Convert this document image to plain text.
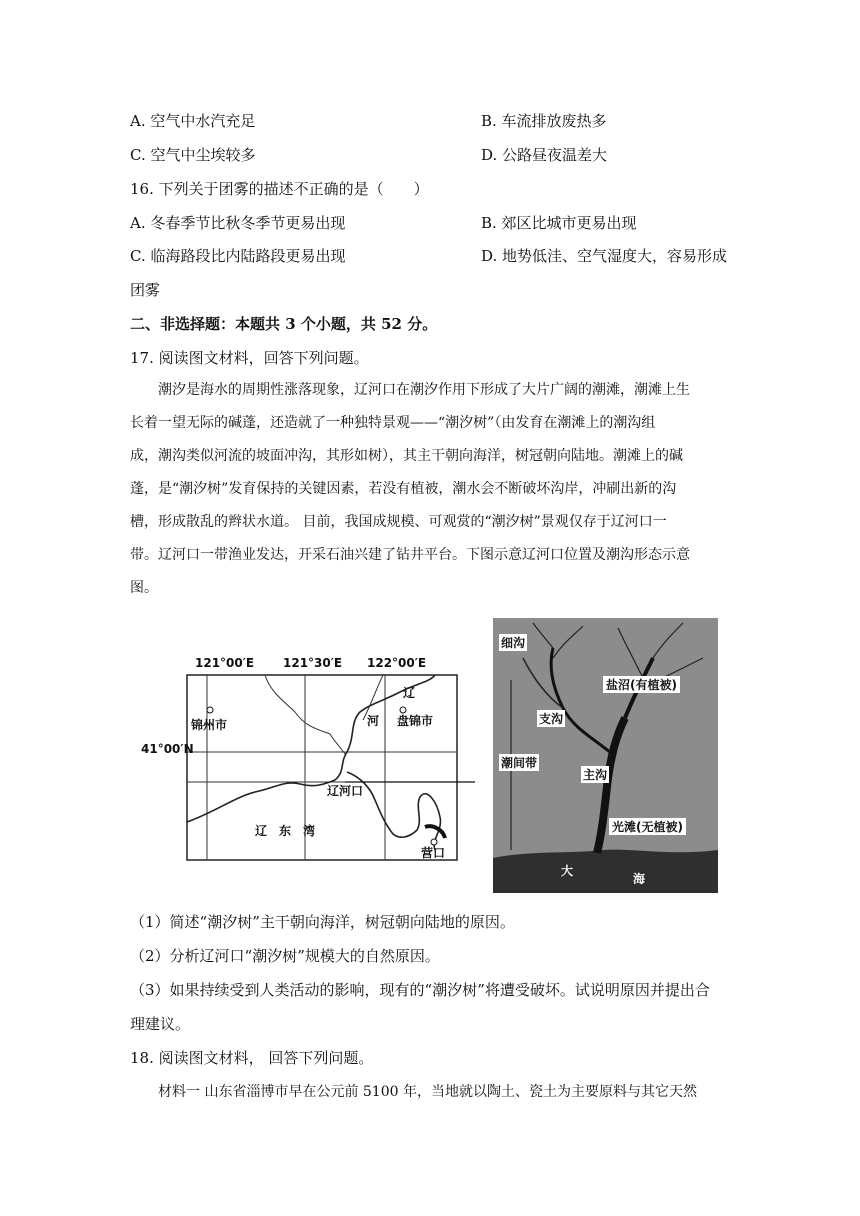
A. 空气中水汽充足	B. 车流排放废热多
C. 空气中尘埃较多	D. 公路昼夜温差大
16. 下列关于团雾的描述不正确的是（　　）
A. 冬春季节比秋冬季节更易出现	B. 郊区比城市更易出现
C. 临海路段比内陆路段更易出现	D. 地势低洼、空气湿度大，容易形成
团雾
二、非选择题：本题共 3 个小题，共 52 分。
17. 阅读图文材料，回答下列问题。
潮汐是海水的周期性涨落现象，辽河口在潮汐作用下形成了大片广阔的潮滩，潮滩上生
长着一望无际的碱蓬，还造就了一种独特景观——“潮汐树”（由发育在潮滩上的潮沟组
成，潮沟类似河流的坡面冲沟，其形如树），其主干朝向海洋，树冠朝向陆地。潮滩上的碱
蓬，是“潮汐树”发育保持的关键因素，若没有植被，潮水会不断破坏沟岸，冲刷出新的沟
槽，形成散乱的辫状水道。 目前，我国成规模、可观赏的“潮汐树”景观仅存于辽河口一
带。辽河口一带渔业发达，开采石油兴建了钻井平台。下图示意辽河口位置及潮沟形态示意
图。
121°00′E 121°30′E 122°00′E
41°00′N
锦州市
辽
盘锦市
河
辽河口
辽　东　湾
营口
细沟
盐沼(有植被)
支沟
潮间带
主沟
光滩(无植被)
大
海
（1）简述“潮汐树”主干朝向海洋，树冠朝向陆地的原因。
（2）分析辽河口“潮汐树”规模大的自然原因。
（3）如果持续受到人类活动的影响，现有的“潮汐树”将遭受破坏。试说明原因并提出合
理建议。
18. 阅读图文材料， 回答下列问题。
材料一 山东省淄博市早在公元前 5100 年，当地就以陶土、瓷土为主要原料与其它天然
